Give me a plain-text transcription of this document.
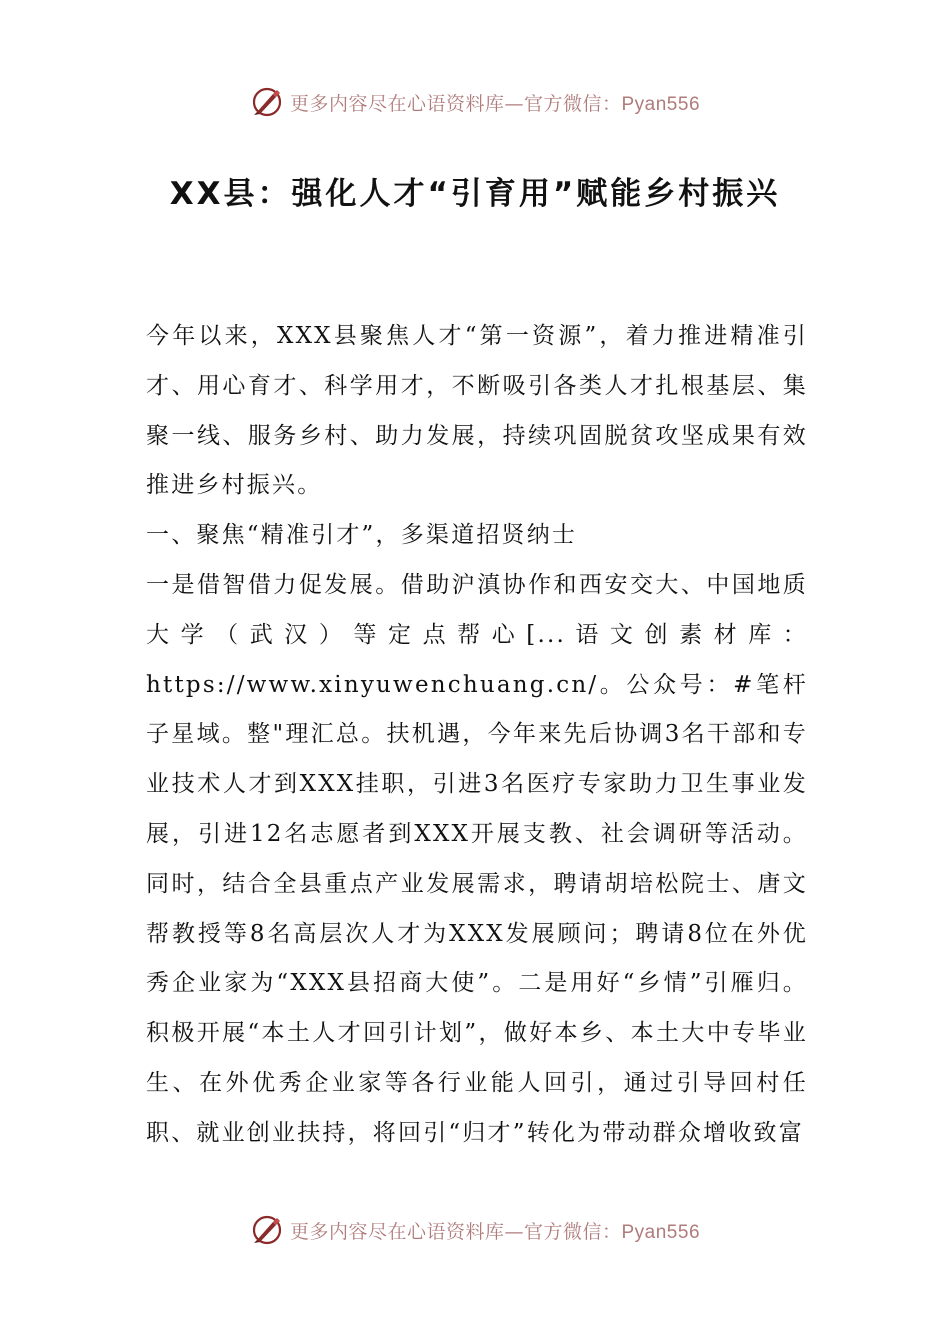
更多内容尽在心语资料库—官方微信：Pyan556
XX县：强化人才“引育用”赋能乡村振兴

今年以来，XXX县聚焦人才“第一资源”，着力推进精准引才、用心育才、科学用才，不断吸引各类人才扎根基层、集聚一线、服务乡村、助力发展，持续巩固脱贫攻坚成果有效推进乡村振兴。

一、聚焦“精准引才”，多渠道招贤纳士

一是借智借力促发展。借助沪滇协作和西安交大、中国地质大学（武汉）等定点帮心[...语文创素材库：https://www.xinyuwenchuang.cn/。公众号：#笔杆子星域。整"理汇总。扶机遇，今年来先后协调3名干部和专业技术人才到XXX挂职，引进3名医疗专家助力卫生事业发展，引进12名志愿者到XXX开展支教、社会调研等活动。同时，结合全县重点产业发展需求，聘请胡培松院士、唐文帮教授等8名高层次人才为XXX发展顾问；聘请8位在外优秀企业家为“XXX县招商大使”。二是用好“乡情”引雁归。积极开展“本土人才回引计划”，做好本乡、本土大中专毕业生、在外优秀企业家等各行业能人回引，通过引导回村任职、就业创业扶持，将回引“归才”转化为带动群众增收致富

更多内容尽在心语资料库—官方微信：Pyan556
